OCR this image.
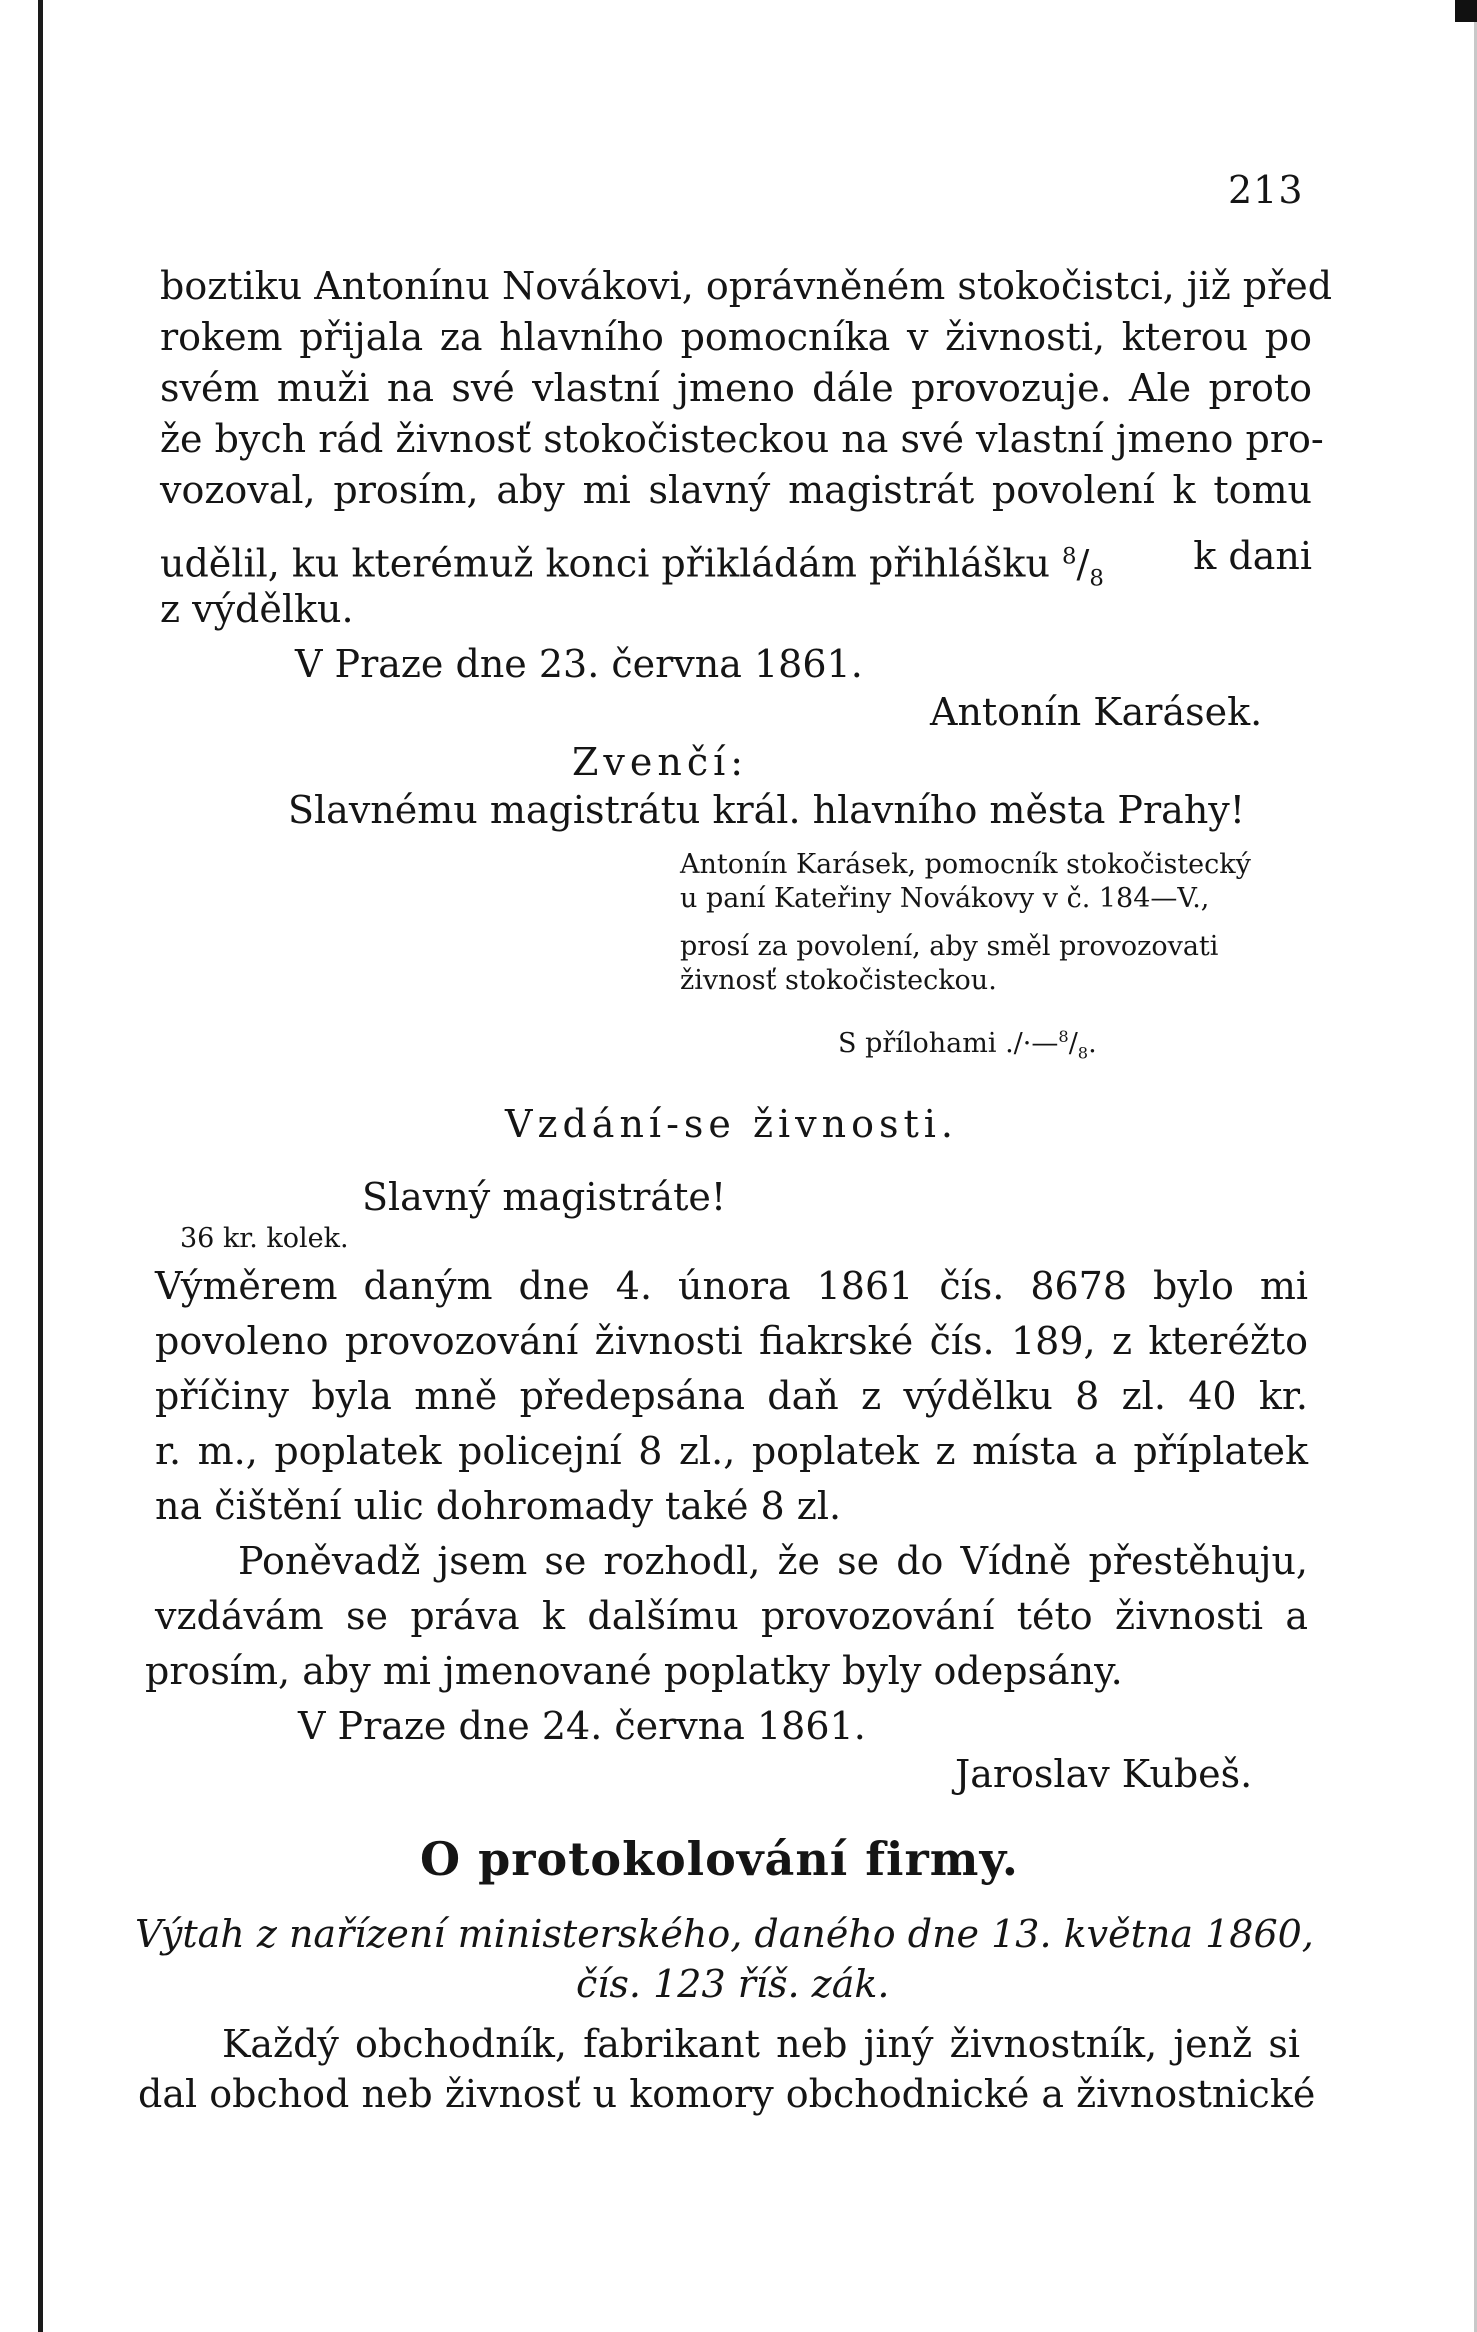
213
boztiku Antonínu Novákovi, oprávněném stokočistci, již před
rokem přijala za hlavního pomocníka v živnosti, kterou po
svém muži na své vlastní jmeno dále provozuje. Ale proto
že bych rád živnosť stokočisteckou na své vlastní jmeno pro-
vozoval, prosím, aby mi slavný magistrát povolení k tomu
udělil, ku kterémuž konci přikládám přihlášku $^8/_8$
k dani
z výdělku.
V Praze dne 23. června 1861.
Antonín Karásek.
Zvenčí:
Slavnému magistrátu král. hlavního města Prahy!
Antonín Karásek, pomocník stokočistecký
u paní Kateřiny Novákovy v č. 184—V.,
prosí za povolení, aby směl provozovati
živnosť stokočisteckou.
S přílohami $./\cdot—^8/_8$.
Vzdání-se živnosti.
Slavný magistráte!
36 kr. kolek.
Výměrem daným dne 4. února 1861 čís. 8678 bylo mi
povoleno provozování živnosti fiakrské čís. 189, z kteréžto
příčiny byla mně předepsána daň z výdělku 8 zl. 40 kr.
r. m., poplatek policejní 8 zl., poplatek z místa a příplatek
na čištění ulic dohromady také 8 zl.
Poněvadž jsem se rozhodl, že se do Vídně přestěhuju,
vzdávám se práva k dalšímu provozování této živnosti a
prosím, aby mi jmenované poplatky byly odepsány.
V Praze dne 24. června 1861.
Jaroslav Kubeš.
O protokolování firmy.
Výtah z nařízení ministerského, daného dne 13. května 1860,
čís. 123 říš. zák.
Každý obchodník, fabrikant neb jiný živnostník, jenž si
dal obchod neb živnosť u komory obchodnické a živnostnické
